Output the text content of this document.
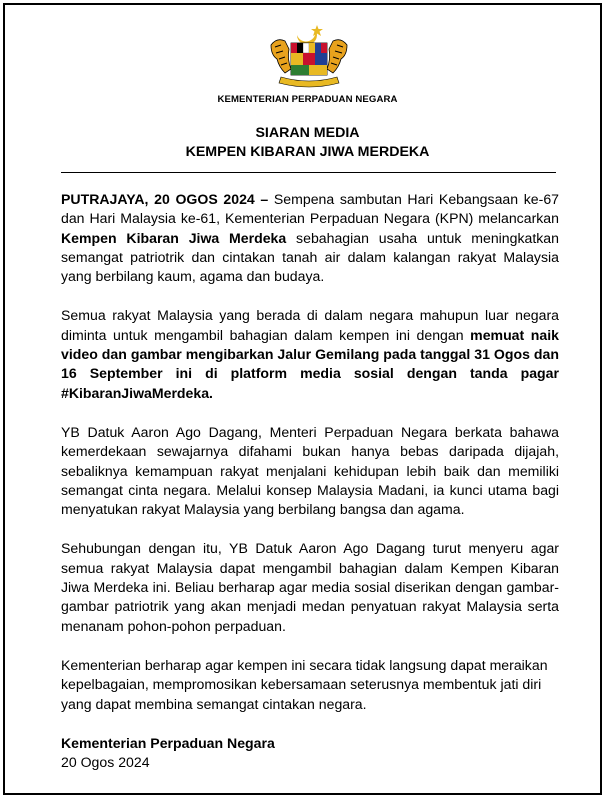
KEMENTERIAN PERPADUAN NEGARA
SIARAN MEDIA
KEMPEN KIBARAN JIWA MERDEKA

PUTRAJAYA, 20 OGOS 2024 – Sempena sambutan Hari Kebangsaan ke-67 dan Hari Malaysia ke-61, Kementerian Perpaduan Negara (KPN) melancarkan Kempen Kibaran Jiwa Merdeka sebahagian usaha untuk meningkatkan semangat patriotrik dan cintakan tanah air dalam kalangan rakyat Malaysia yang berbilang kaum, agama dan budaya.

Semua rakyat Malaysia yang berada di dalam negara mahupun luar negara diminta untuk mengambil bahagian dalam kempen ini dengan memuat naik video dan gambar mengibarkan Jalur Gemilang pada tanggal 31 Ogos dan 16 September ini di platform media sosial dengan tanda pagar #KibaranJiwaMerdeka.

YB Datuk Aaron Ago Dagang, Menteri Perpaduan Negara berkata bahawa kemerdekaan sewajarnya difahami bukan hanya bebas daripada dijajah, sebaliknya kemampuan rakyat menjalani kehidupan lebih baik dan memiliki semangat cinta negara. Melalui konsep Malaysia Madani, ia kunci utama bagi menyatukan rakyat Malaysia yang berbilang bangsa dan agama.

Sehubungan dengan itu, YB Datuk Aaron Ago Dagang turut menyeru agar semua rakyat Malaysia dapat mengambil bahagian dalam Kempen Kibaran Jiwa Merdeka ini. Beliau berharap agar media sosial diserikan dengan gambar-gambar patriotrik yang akan menjadi medan penyatuan rakyat Malaysia serta menanam pohon-pohon perpaduan.

Kementerian berharap agar kempen ini secara tidak langsung dapat meraikan kepelbagaian, mempromosikan kebersamaan seterusnya membentuk jati diri yang dapat membina semangat cintakan negara.

Kementerian Perpaduan Negara
20 Ogos 2024
